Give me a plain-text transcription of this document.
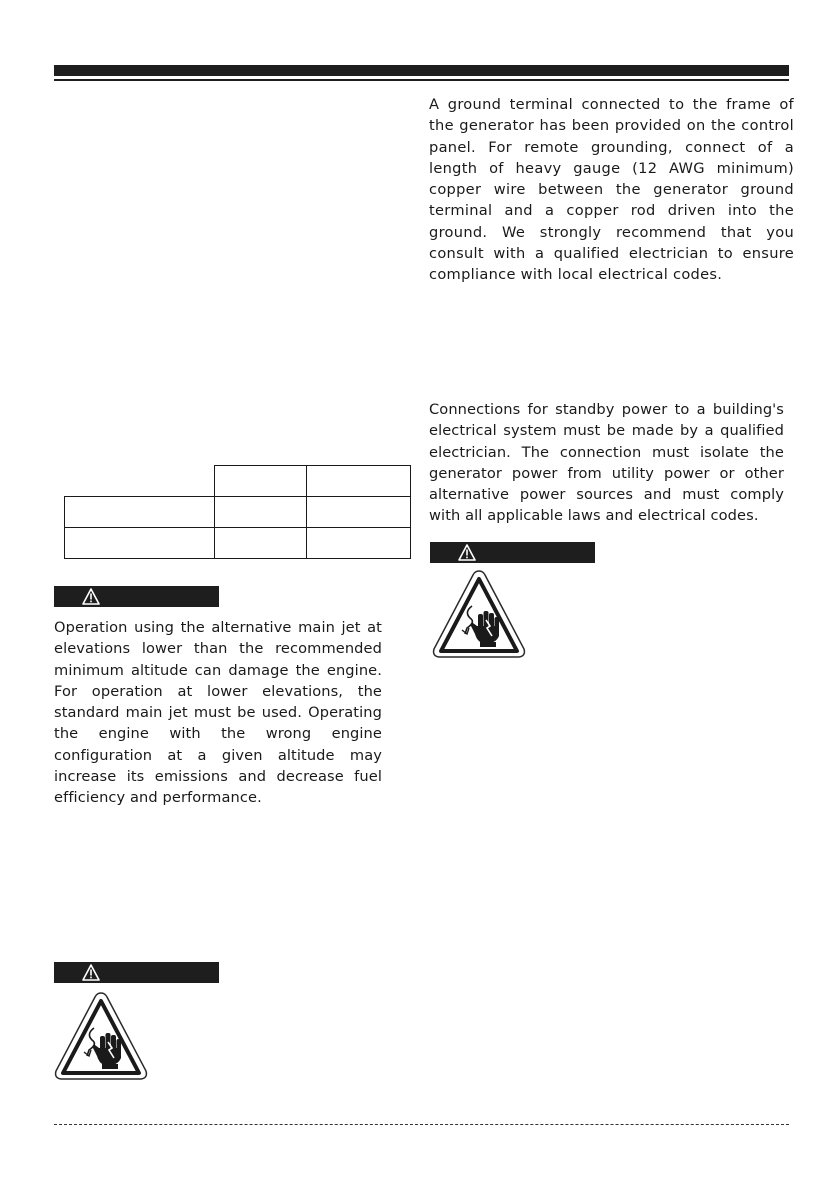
A ground terminal connected to the frame of the generator has been provided on the control panel. For remote grounding, connect of a length of heavy gauge (12 AWG minimum) copper wire between the generator ground terminal and a copper rod driven into the ground. We strongly recommend that you consult with a qualified electrician to ensure compliance with local electrical codes.

Connections for standby power to a building's electrical system must be made by a qualified electrician. The connection must isolate the generator power from utility power or other alternative power sources and must comply with all applicable laws and electrical codes.

Operation using the alternative main jet at elevations lower than the recommended minimum altitude can damage the engine. For operation at lower elevations, the standard main jet must be used. Operating the engine with the wrong engine configuration at a given altitude may increase its emissions and decrease fuel efficiency and performance.
